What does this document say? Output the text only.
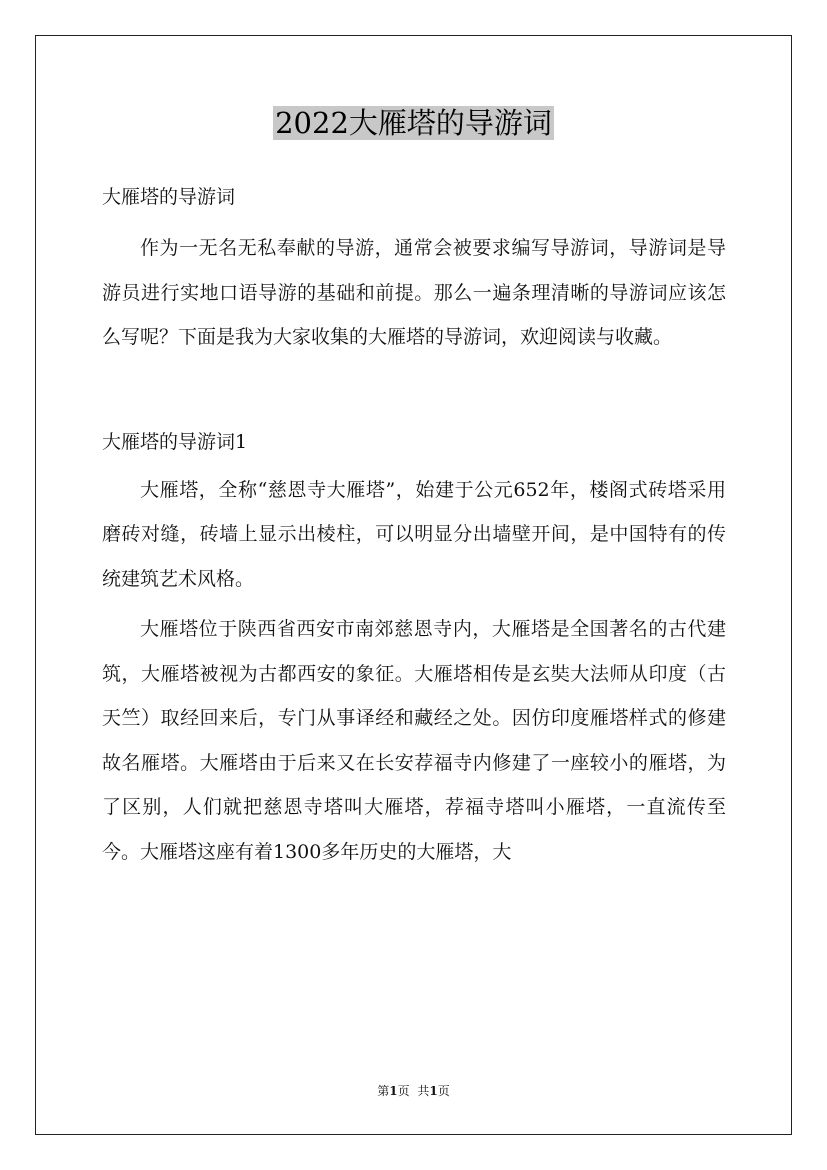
2022大雁塔的导游词

大雁塔的导游词

作为一无名无私奉献的导游，通常会被要求编写导游词，导游词是导游员进行实地口语导游的基础和前提。那么一遍条理清晰的导游词应该怎么写呢？下面是我为大家收集的大雁塔的导游词，欢迎阅读与收藏。

大雁塔的导游词1

大雁塔，全称“慈恩寺大雁塔”，始建于公元652年，楼阁式砖塔采用磨砖对缝，砖墙上显示出棱柱，可以明显分出墙壁开间，是中国特有的传统建筑艺术风格。

大雁塔位于陕西省西安市南郊慈恩寺内，大雁塔是全国著名的古代建筑，大雁塔被视为古都西安的象征。大雁塔相传是玄奘大法师从印度（古天竺）取经回来后，专门从事译经和藏经之处。因仿印度雁塔样式的修建故名雁塔。大雁塔由于后来又在长安荐福寺内修建了一座较小的雁塔，为了区别，人们就把慈恩寺塔叫大雁塔，荐福寺塔叫小雁塔，一直流传至今。大雁塔这座有着1300多年历史的大雁塔，大

第1页 共1页
